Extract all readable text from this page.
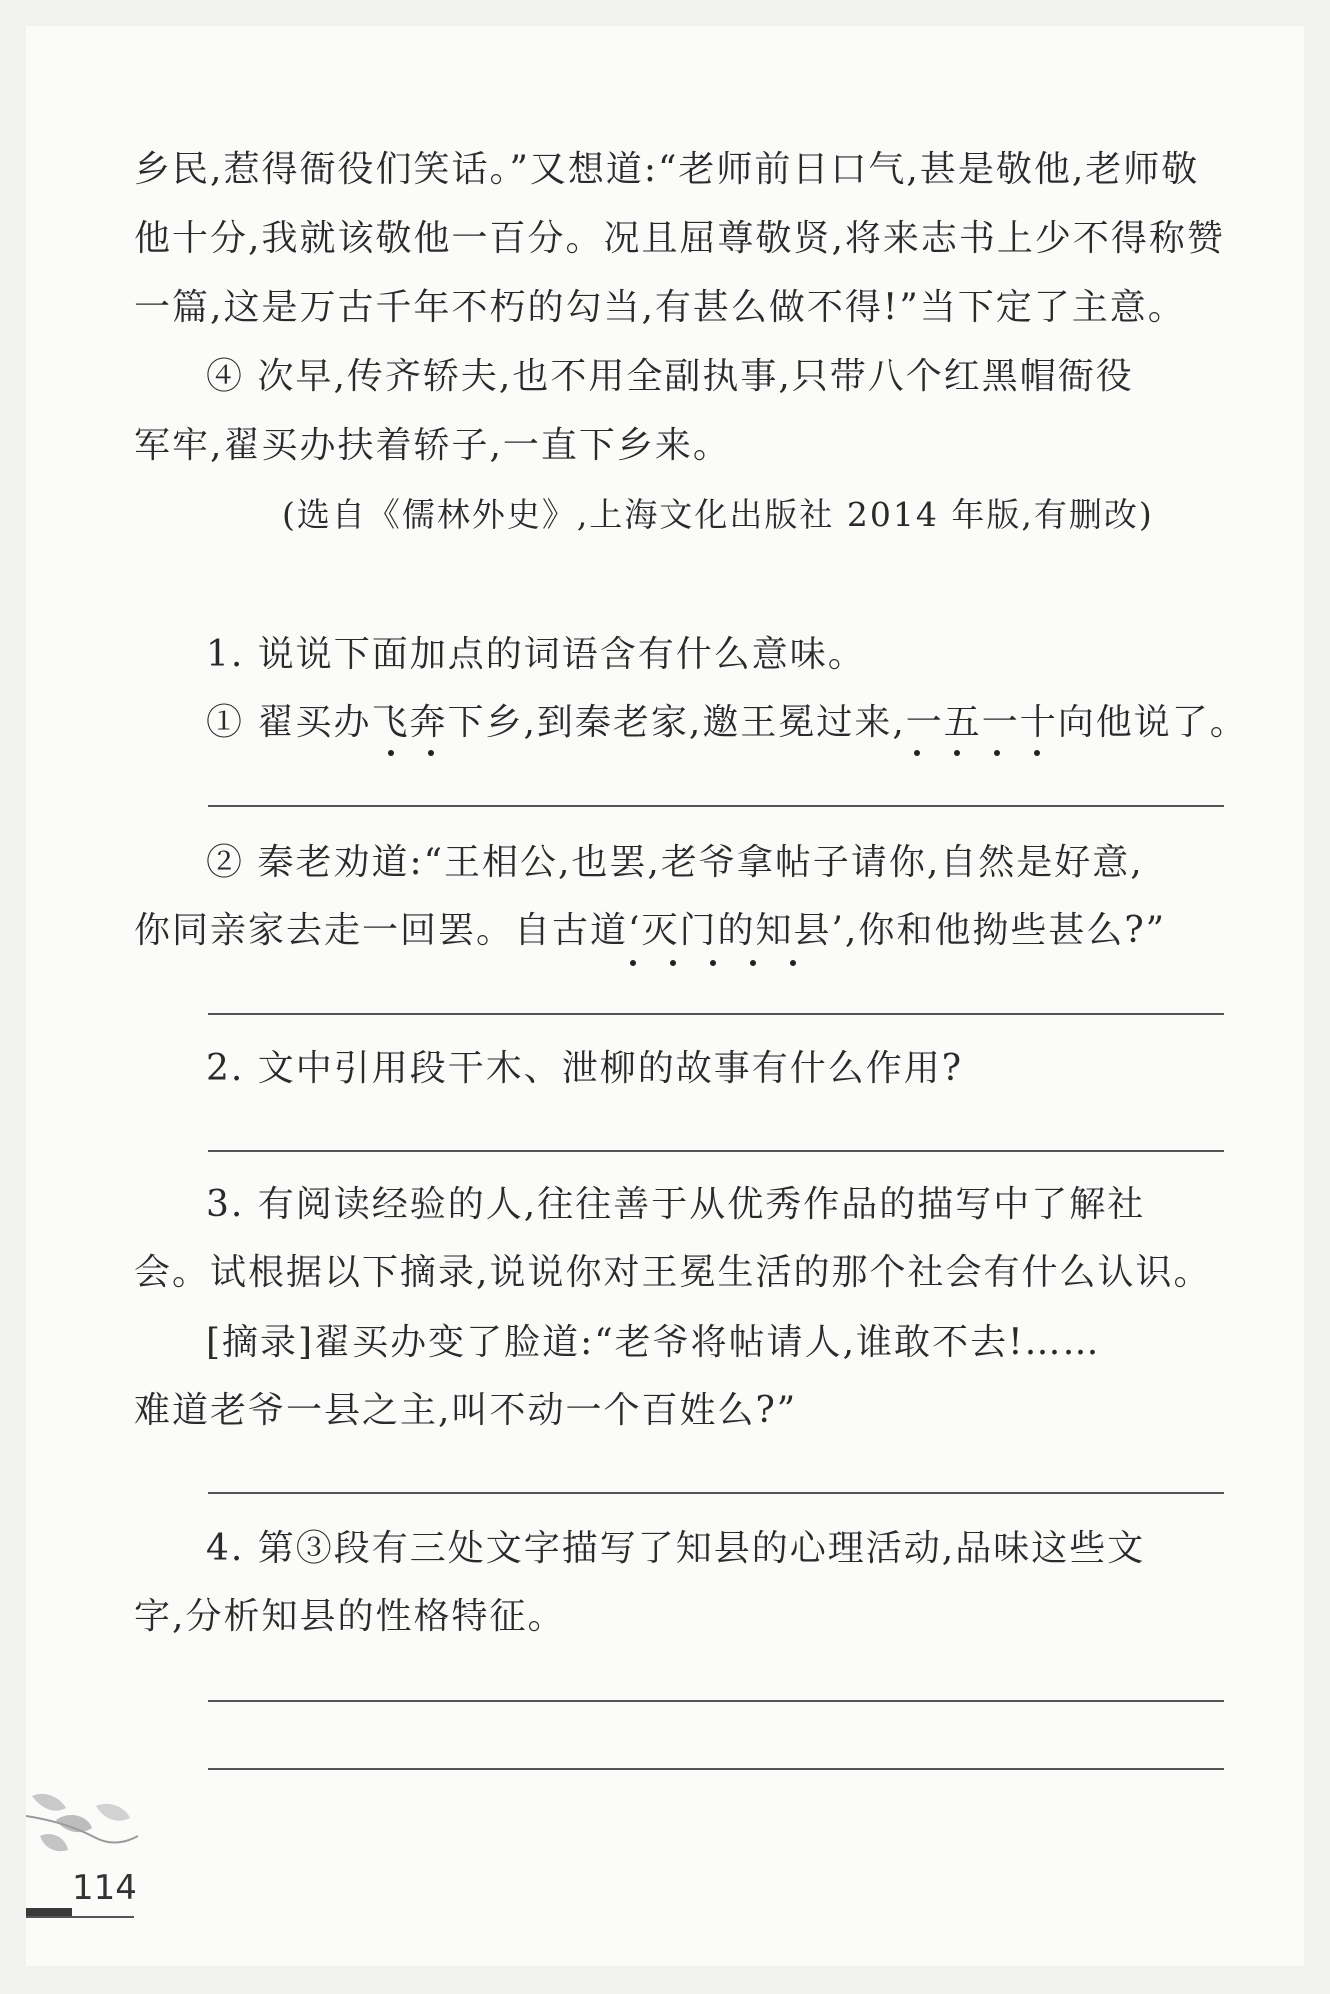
乡民,惹得衙役们笑话。”又想道:“老师前日口气,甚是敬他,老师敬
他十分,我就该敬他一百分。况且屈尊敬贤,将来志书上少不得称赞
一篇,这是万古千年不朽的勾当,有甚么做不得!”当下定了主意。
④ 次早,传齐轿夫,也不用全副执事,只带八个红黑帽衙役
军牢,翟买办扶着轿子,一直下乡来。
(选自《儒林外史》,上海文化出版社 2014 年版,有删改)
1. 说说下面加点的词语含有什么意味。
① 翟买办飞奔下乡,到秦老家,邀王冕过来,一五一十向他说了。
② 秦老劝道:“王相公,也罢,老爷拿帖子请你,自然是好意,
你同亲家去走一回罢。自古道‘灭门的知县’,你和他拗些甚么?”
2. 文中引用段干木、泄柳的故事有什么作用?
3. 有阅读经验的人,往往善于从优秀作品的描写中了解社
会。试根据以下摘录,说说你对王冕生活的那个社会有什么认识。
[摘录]翟买办变了脸道:“老爷将帖请人,谁敢不去!……
难道老爷一县之主,叫不动一个百姓么?”
4. 第③段有三处文字描写了知县的心理活动,品味这些文
字,分析知县的性格特征。
114
